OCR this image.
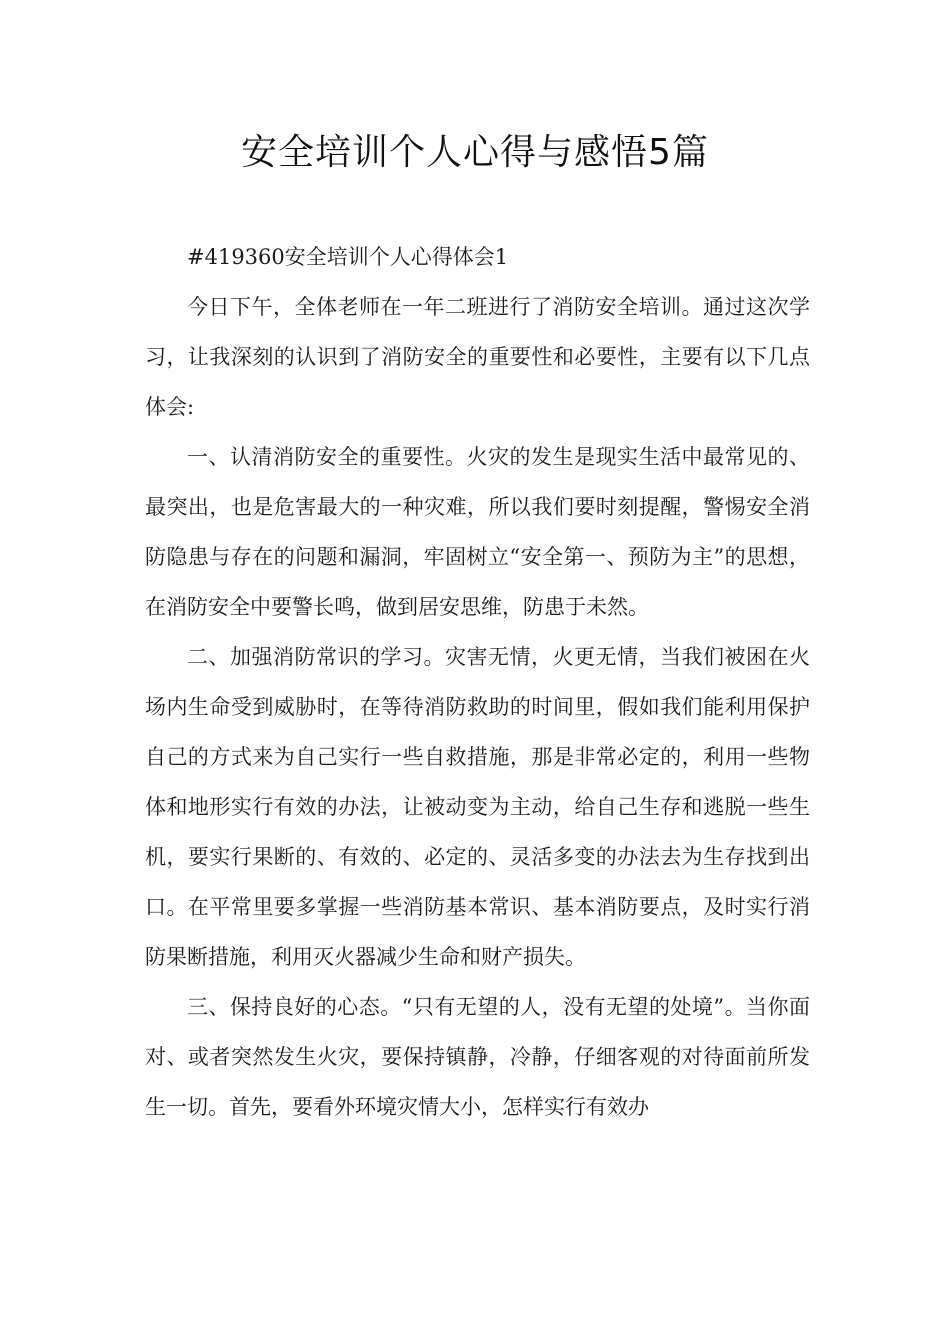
安全培训个人心得与感悟5篇

#419360安全培训个人心得体会1

今日下午，全体老师在一年二班进行了消防安全培训。通过这次学习，让我深刻的认识到了消防安全的重要性和必要性，主要有以下几点体会:

一、认清消防安全的重要性。火灾的发生是现实生活中最常见的、最突出，也是危害最大的一种灾难，所以我们要时刻提醒，警惕安全消防隐患与存在的问题和漏洞，牢固树立“安全第一、预防为主”的思想，在消防安全中要警长鸣，做到居安思维，防患于未然。

二、加强消防常识的学习。灾害无情，火更无情，当我们被困在火场内生命受到威胁时，在等待消防救助的时间里，假如我们能利用保护自己的方式来为自己实行一些自救措施，那是非常必定的，利用一些物体和地形实行有效的办法，让被动变为主动，给自己生存和逃脱一些生机，要实行果断的、有效的、必定的、灵活多变的办法去为生存找到出口。在平常里要多掌握一些消防基本常识、基本消防要点，及时实行消防果断措施，利用灭火器减少生命和财产损失。

三、保持良好的心态。“只有无望的人，没有无望的处境”。当你面对、或者突然发生火灾，要保持镇静，冷静，仔细客观的对待面前所发生一切。首先，要看外环境灾情大小，怎样实行有效办
